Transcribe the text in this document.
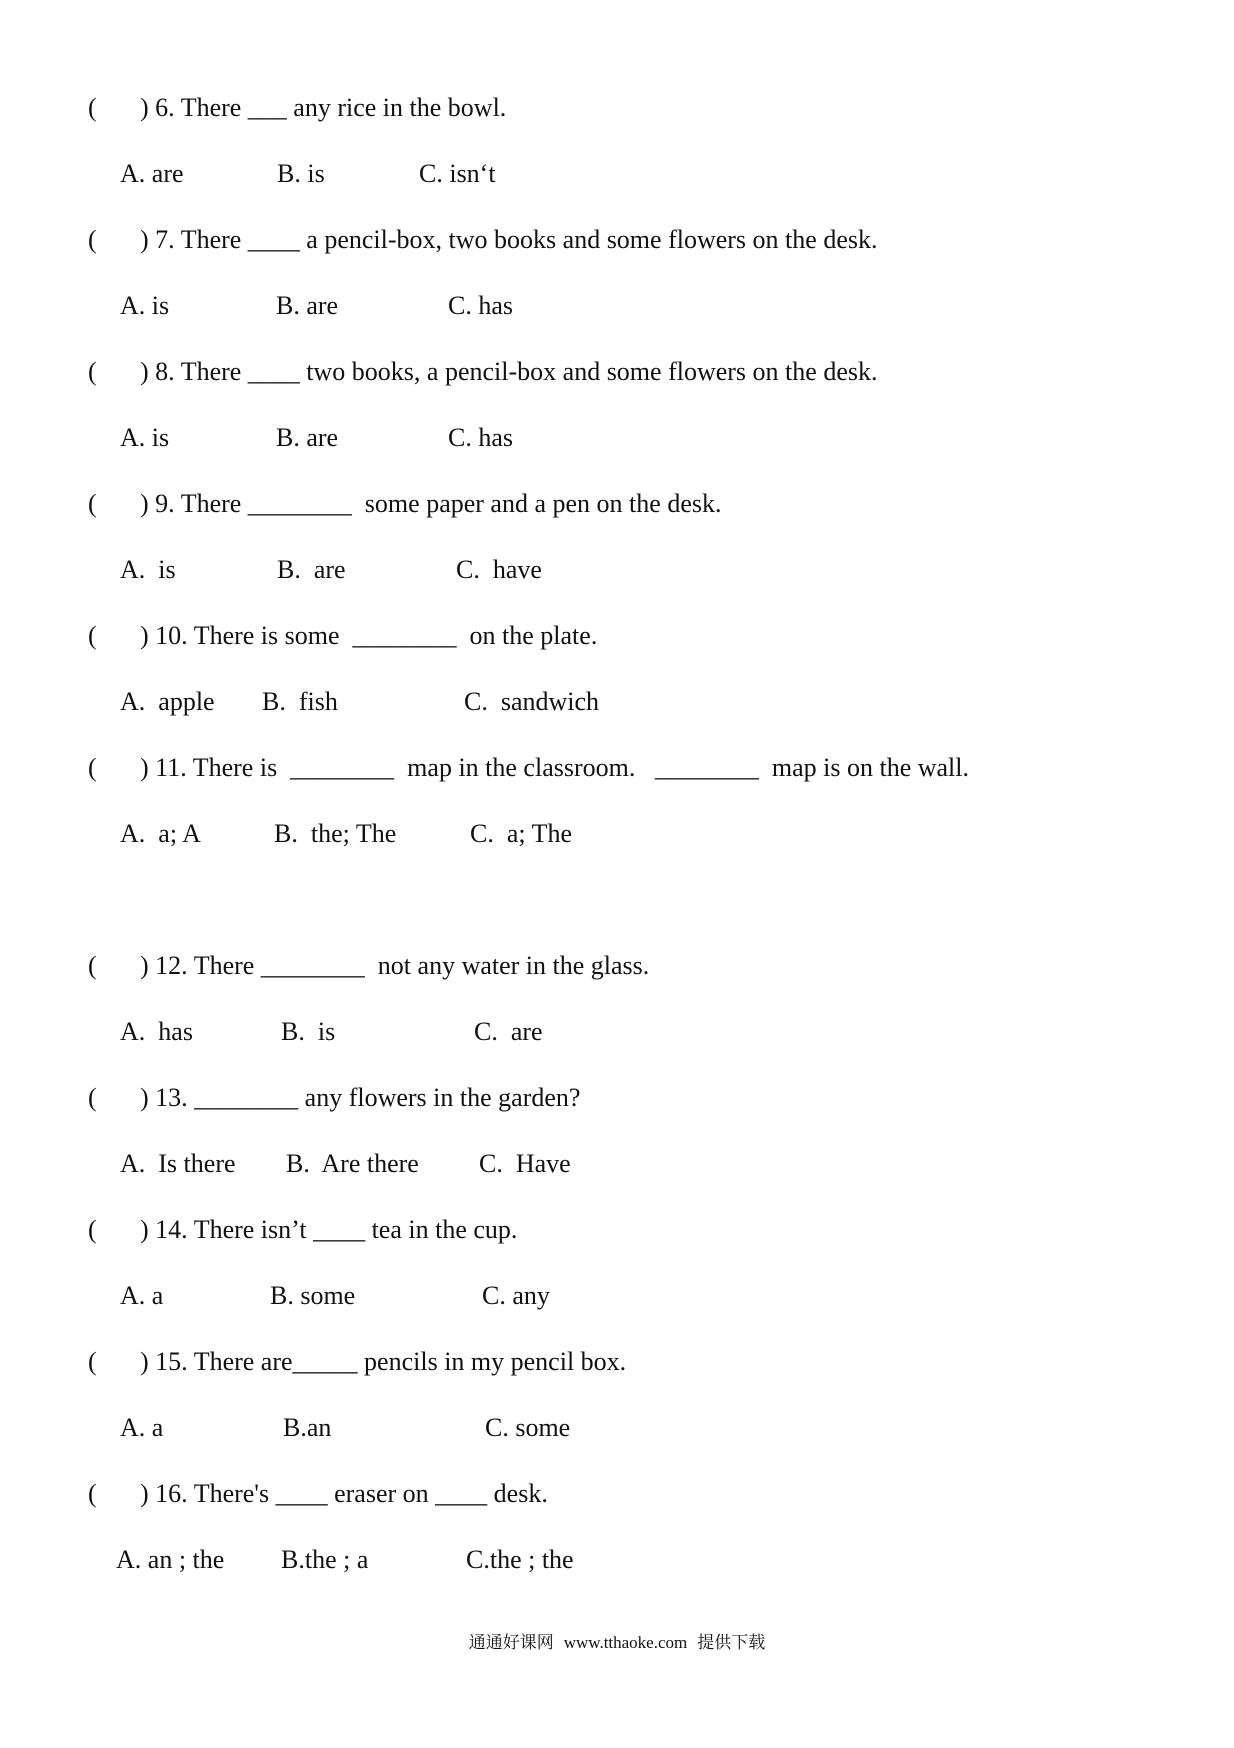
( ) 6. There ___ any rice in the bowl.
A. are	B. is	C. isn‘t
( ) 7. There ____ a pencil-box, two books and some flowers on the desk.
A. is	B. are	C. has
( ) 8. There ____ two books, a pencil-box and some flowers on the desk.
A. is	B. are	C. has
( ) 9. There ________  some paper and a pen on the desk.
A.  is	B.  are	C.  have
( ) 10. There is some  ________  on the plate.
A.  apple B.  fish	C.  sandwich
( ) 11. There is  ________  map in the classroom.   ________  map is on the wall.
A.  a; A	B.  the; The	C.  a; The
( ) 12. There ________  not any water in the glass.
A.  has	B.  is	C.  are
( ) 13. ________ any flowers in the garden?
A.  Is there B.  Are there C.  Have
( ) 14. There isn’t ____ tea in the cup.
A. a	B. some	C. any
( ) 15. There are_____ pencils in my pencil box.
A. a	B.an	C. some
( ) 16. There's ____ eraser on ____ desk.
A. an ; the B.the ; a	C.the ; the
通通好课网 www.tthaoke.com 提供下载
